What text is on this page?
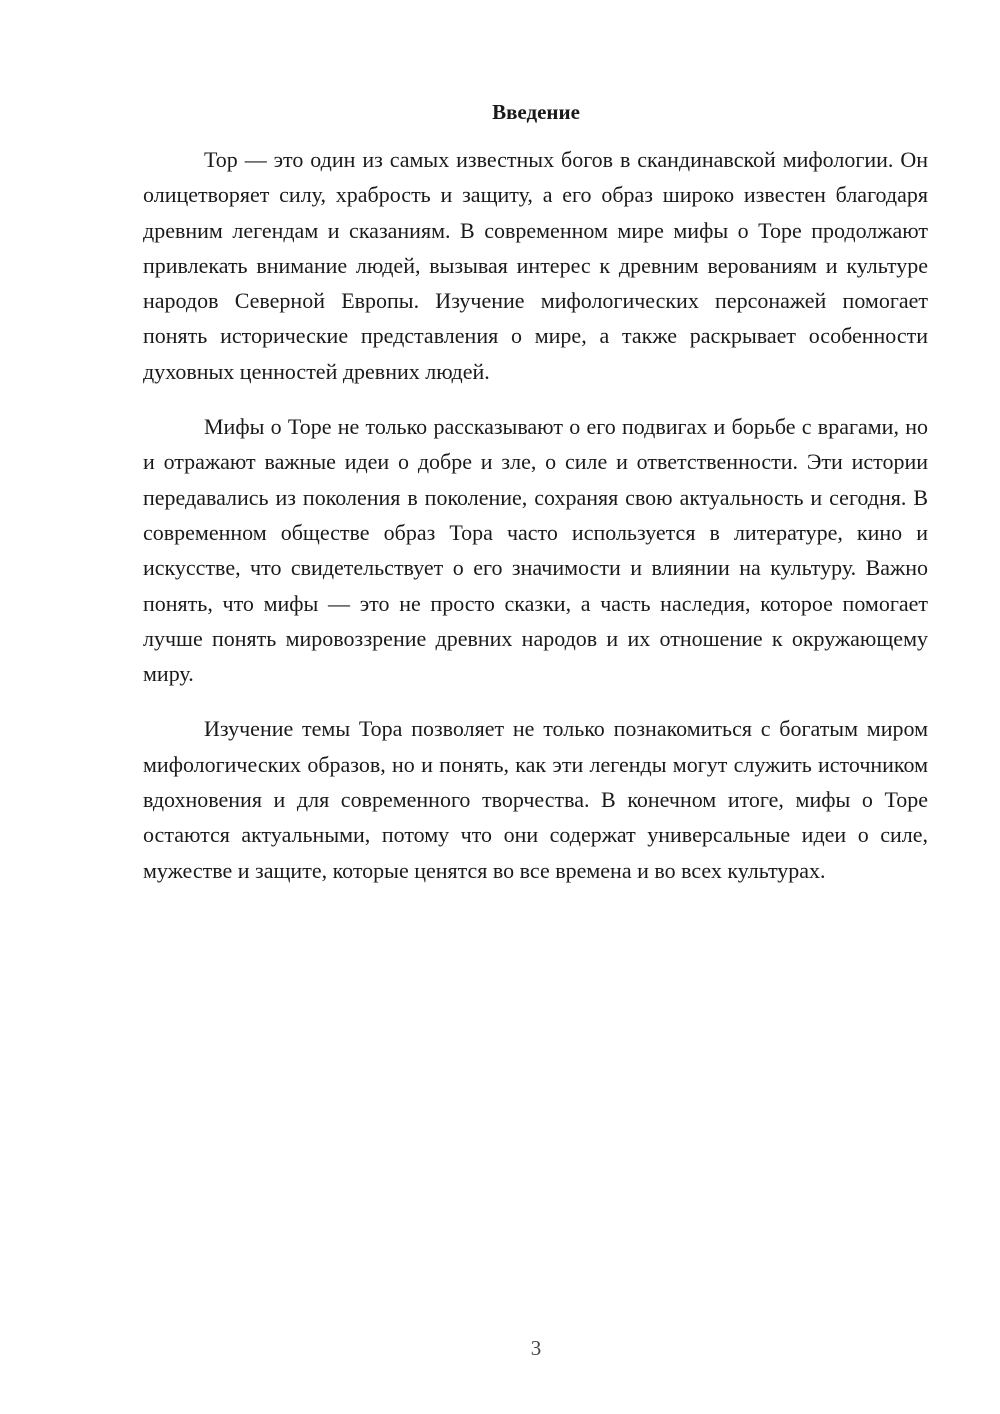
Введение

Тор — это один из самых известных богов в скандинавской мифологии. Он олицетворяет силу, храбрость и защиту, а его образ широко известен благодаря древним легендам и сказаниям. В современном мире мифы о Торе продолжают привлекать внимание людей, вызывая интерес к древним верованиям и культуре народов Северной Европы. Изучение мифологических персонажей помогает понять исторические представления о мире, а также раскрывает особенности духовных ценностей древних людей.

Мифы о Торе не только рассказывают о его подвигах и борьбе с врагами, но и отражают важные идеи о добре и зле, о силе и ответственности. Эти истории передавались из поколения в поколение, сохраняя свою актуальность и сегодня. В современном обществе образ Тора часто используется в литературе, кино и искусстве, что свидетельствует о его значимости и влиянии на культуру. Важно понять, что мифы — это не просто сказки, а часть наследия, которое помогает лучше понять мировоззрение древних народов и их отношение к окружающему миру.

Изучение темы Тора позволяет не только познакомиться с богатым миром мифологических образов, но и понять, как эти легенды могут служить источником вдохновения и для современного творчества. В конечном итоге, мифы о Торе остаются актуальными, потому что они содержат универсальные идеи о силе, мужестве и защите, которые ценятся во все времена и во всех культурах.

3
